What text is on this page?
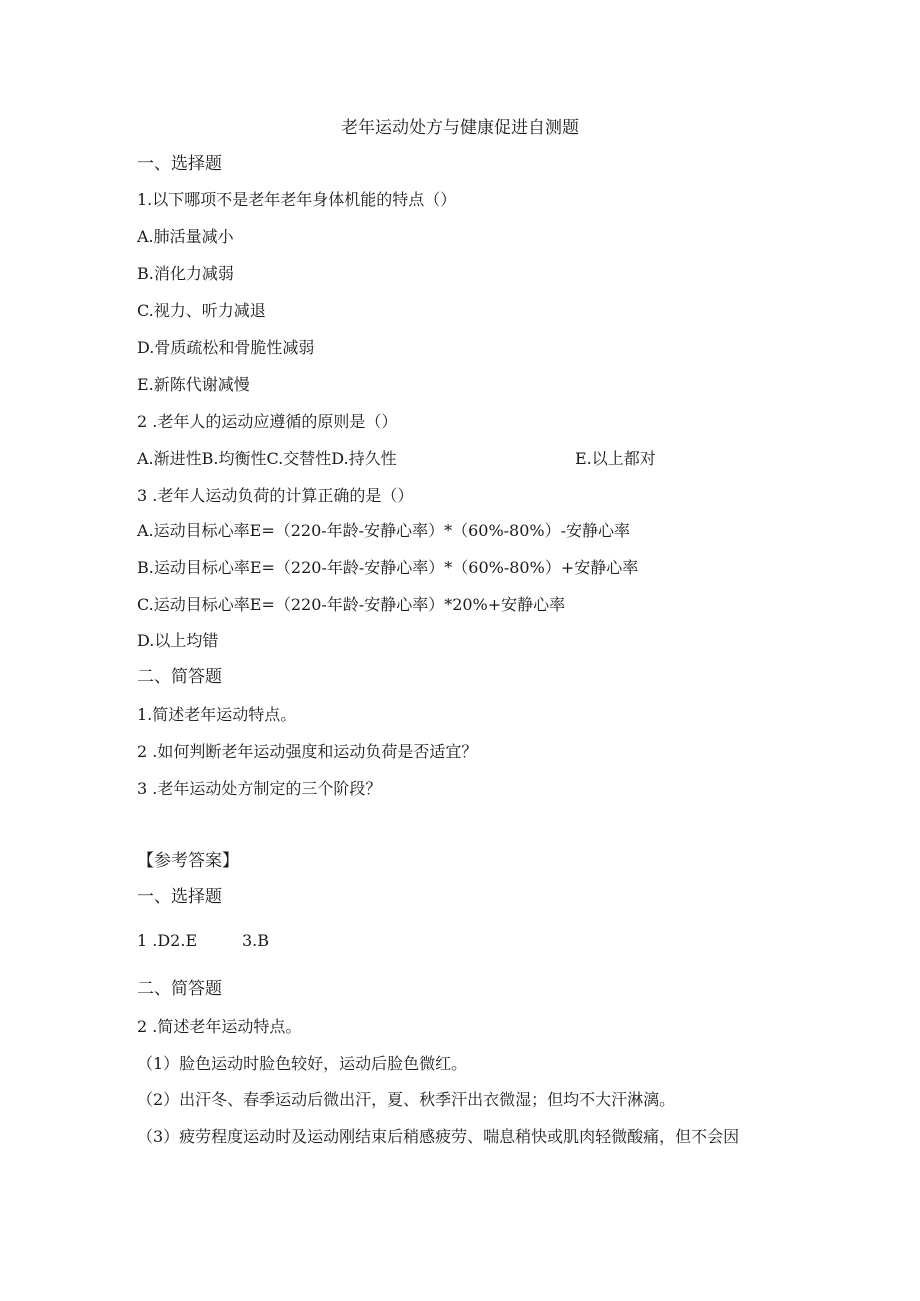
老年运动处方与健康促进自测题
一、选择题
1.以下哪项不是老年老年身体机能的特点（）
A.肺活量减小
B.消化力减弱
C.视力、听力减退
D.骨质疏松和骨脆性减弱
E.新陈代谢减慢
2 .老年人的运动应遵循的原则是（）
A.渐进性B.均衡性C.交替性D.持久性	E.以上都对
3 .老年人运动负荷的计算正确的是（）
A.运动目标心率E=（220-年龄-安静心率）*（60%-80%）-安静心率
B.运动目标心率E=（220-年龄-安静心率）*（60%-80%）+安静心率
C.运动目标心率E=（220-年龄-安静心率）*20%+安静心率
D.以上均错
二、简答题
1.简述老年运动特点。
2 .如何判断老年运动强度和运动负荷是否适宜？
3 .老年运动处方制定的三个阶段？
【参考答案】
一、选择题
1 .D2.E	3.B
二、简答题
2 .简述老年运动特点。
（1）脸色运动时脸色较好，运动后脸色微红。
（2）出汗冬、春季运动后微出汗，夏、秋季汗出衣微湿；但均不大汗淋漓。
（3）疲劳程度运动时及运动刚结束后稍感疲劳、喘息稍快或肌肉轻微酸痛，但不会因
